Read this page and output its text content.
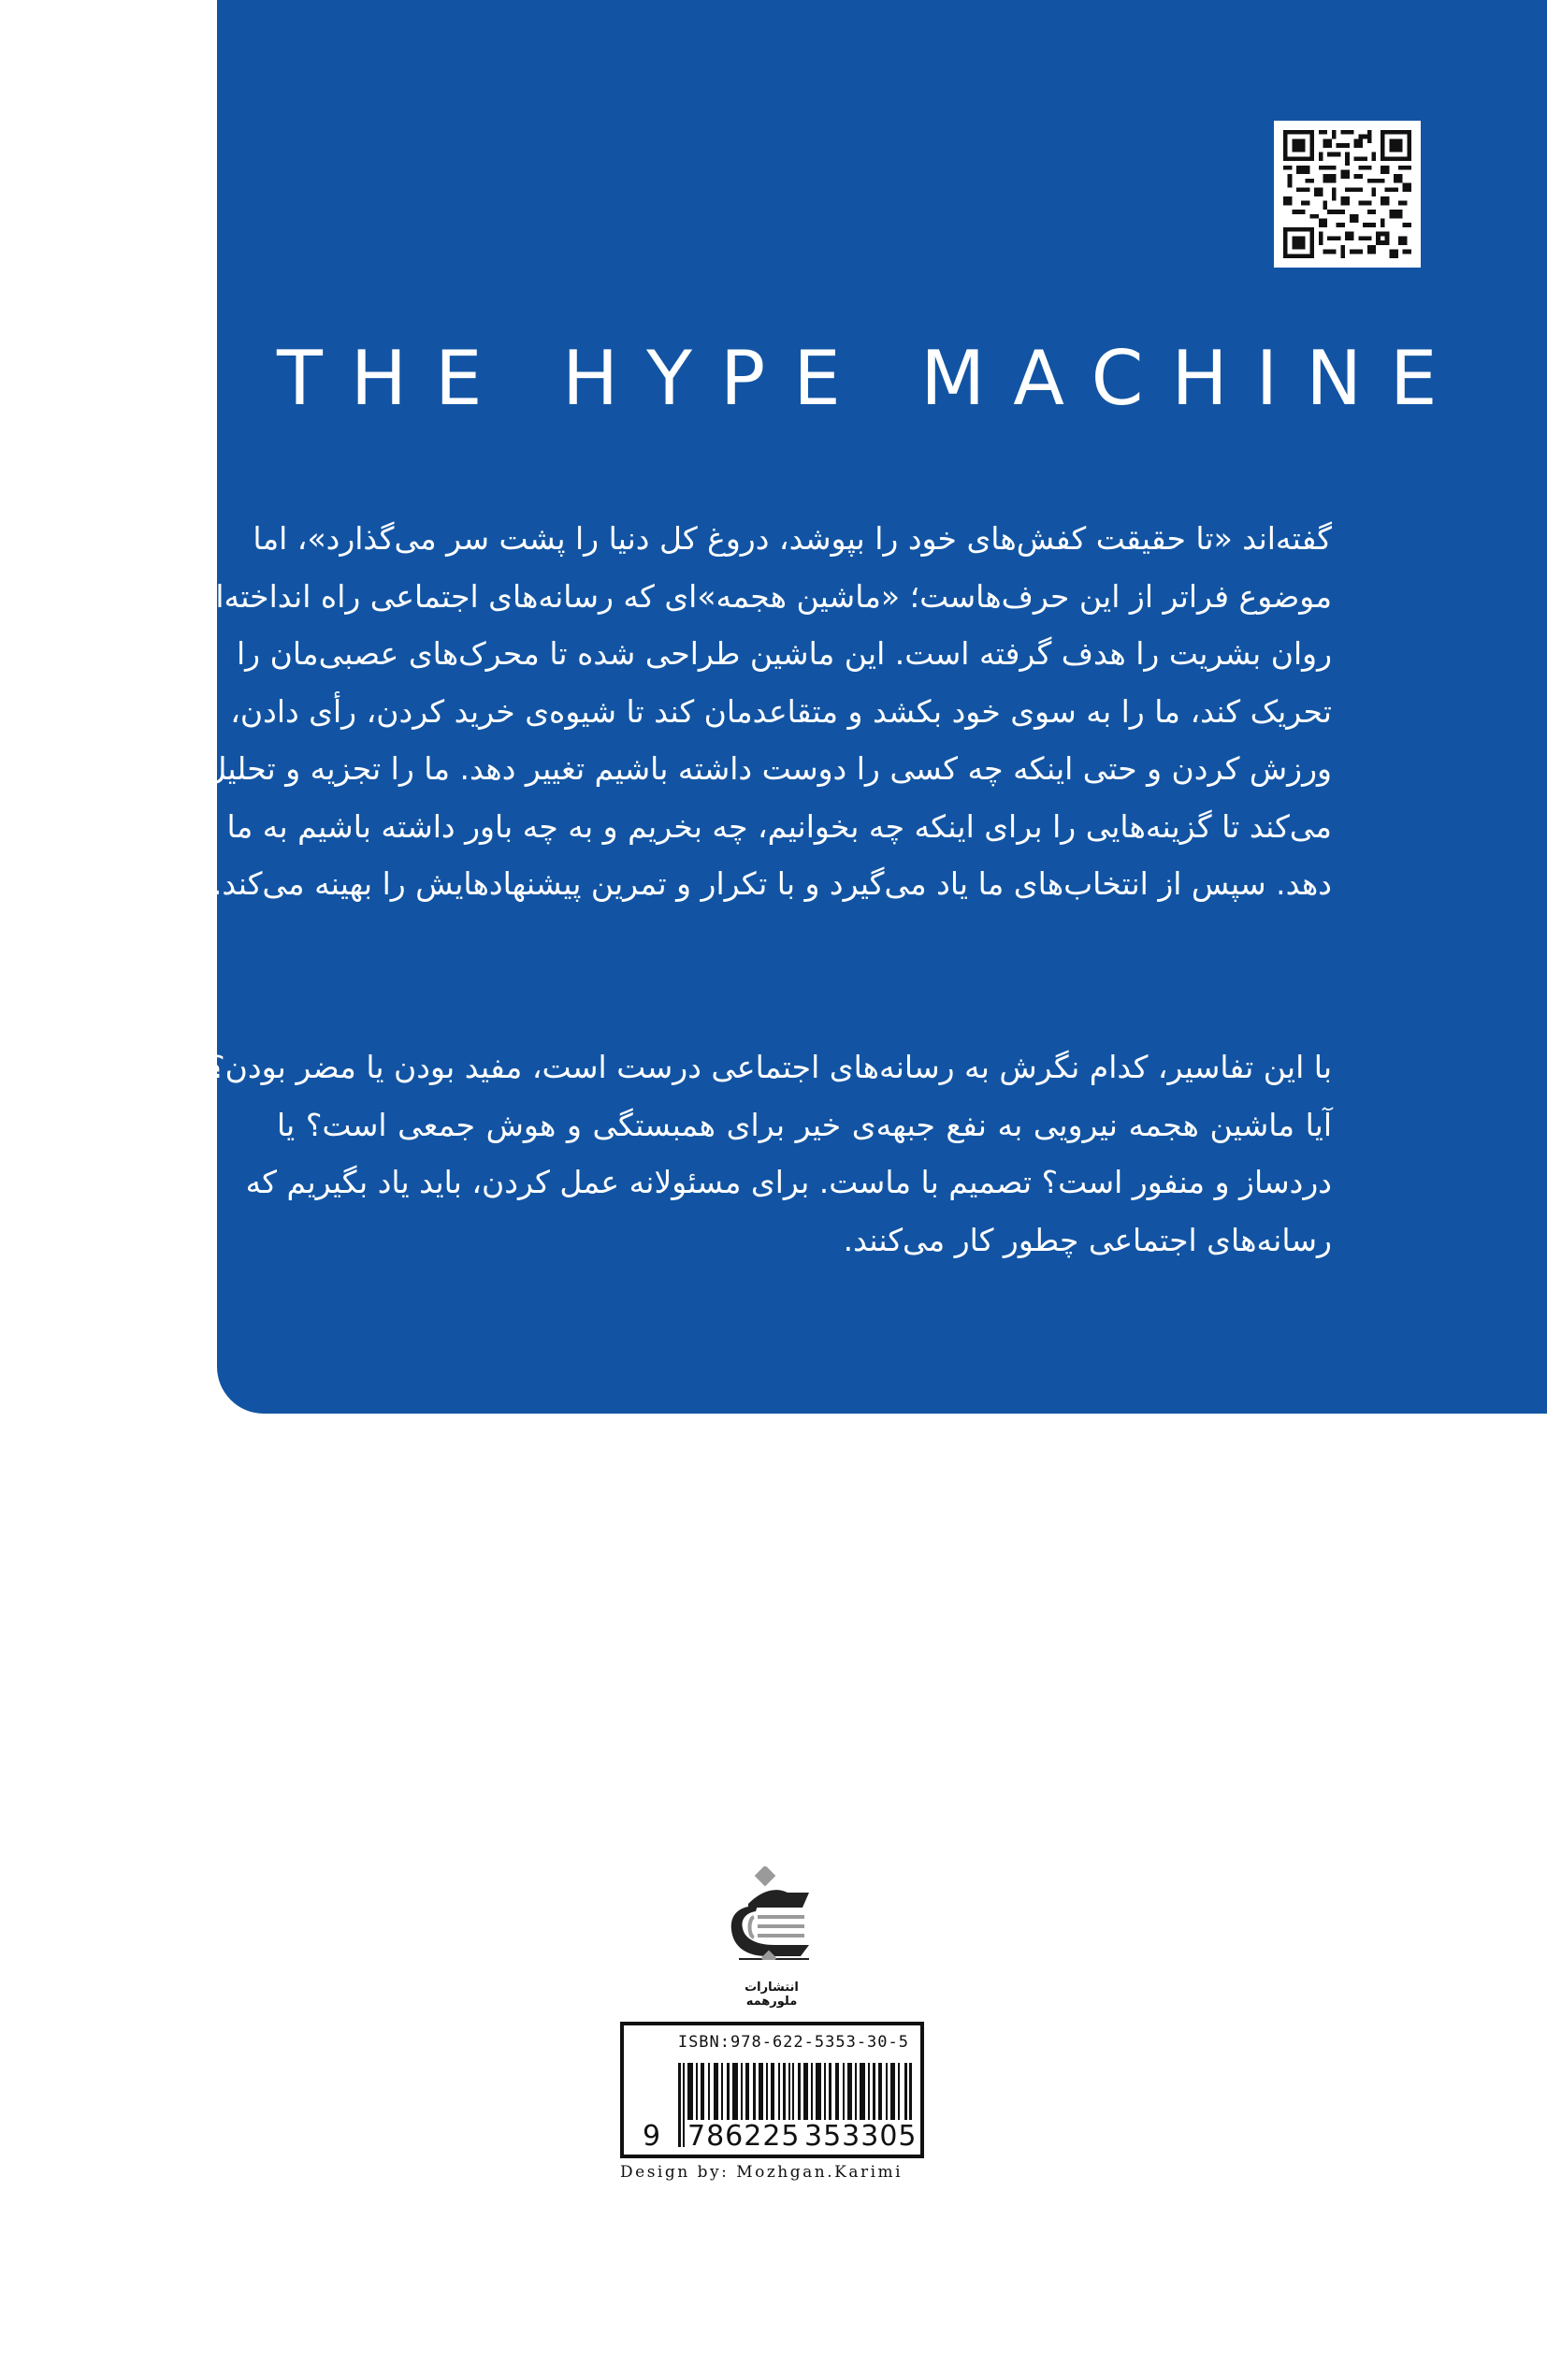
THE HYPE MACHINE
گفته‌اند «تا حقیقت کفش‌های خود را بپوشد، دروغ کل دنیا را پشت سر می‌گذارد»، اما
موضوع فراتر از این حرف‌هاست؛ «ماشین هجمه»ای که رسانه‌های اجتماعی راه انداخته‌اند
روان بشریت را هدف گرفته است. این ماشین طراحی شده تا محرک‌های عصبی‌مان را
تحریک کند، ما را به سوی خود بکشد و متقاعدمان کند تا شیوه‌ی خرید کردن، رأی دادن،
ورزش کردن و حتی اینکه چه کسی را دوست داشته باشیم تغییر دهد. ما را تجزیه و تحلیل
می‌کند تا گزینه‌هایی را برای اینکه چه بخوانیم، چه بخریم و به چه باور داشته باشیم به ما ارائه
دهد. سپس از انتخاب‌های ما یاد می‌گیرد و با تکرار و تمرین پیشنهادهایش را بهینه می‌کند.
با این تفاسیر، کدام نگرش به رسانه‌های اجتماعی درست است، مفید بودن یا مضر بودن؟
آیا ماشین هجمه نیرویی به نفع جبهه‌ی خیر برای همبستگی و هوش جمعی است؟ یا
دردساز و منفور است؟ تصمیم با ماست. برای مسئولانه عمل کردن، باید یاد بگیریم که
رسانه‌های اجتماعی چطور کار می‌کنند.
انتشارات ملورهمه
ISBN:978-622-5353-30-5
9 786225 353305
Design by: Mozhgan.Karimi
